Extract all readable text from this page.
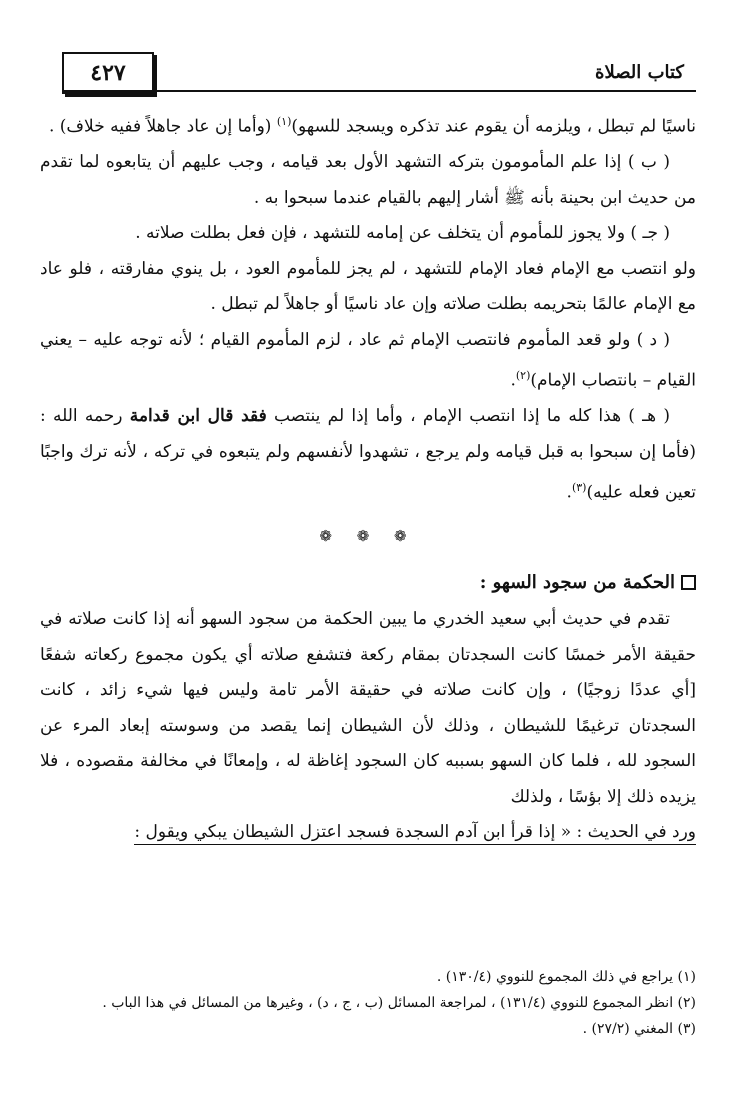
٤٢٧	كتاب الصلاة

ناسيًا لم تبطل ، ويلزمه أن يقوم عند تذكره ويسجد للسهو)$^{(١)}$ (وأما إن عاد جاهلاً ففيه خلاف) .

( ب ) إذا علم المأمومون بتركه التشهد الأول بعد قيامه ، وجب عليهم أن يتابعوه لما تقدم من حديث ابن بحينة بأنه ﷺ أشار إليهم بالقيام عندما سبحوا به .

( جـ ) ولا يجوز للمأموم أن يتخلف عن إمامه للتشهد ، فإن فعل بطلت صلاته .

ولو انتصب مع الإمام فعاد الإمام للتشهد ، لم يجز للمأموم العود ، بل ينوي مفارقته ، فلو عاد مع الإمام عالمًا بتحريمه بطلت صلاته وإن عاد ناسيًا أو جاهلاً لم تبطل .

( د ) ولو قعد المأموم فانتصب الإمام ثم عاد ، لزم المأموم القيام ؛ لأنه توجه عليه – يعني القيام – بانتصاب الإمام)$^{(٢)}$.

( هـ ) هذا كله ما إذا انتصب الإمام ، وأما إذا لم ينتصب فقد قال ابن قدامة رحمه الله : (فأما إن سبحوا به قبل قيامه ولم يرجع ، تشهدوا لأنفسهم ولم يتبعوه في تركه ، لأنه ترك واجبًا تعين فعله عليه)$^{(٣)}$.

❁ ❁ ❁
الحكمة من سجود السهو :

تقدم في حديث أبي سعيد الخدري ما يبين الحكمة من سجود السهو أنه إذا كانت صلاته في حقيقة الأمر خمسًا كانت السجدتان بمقام ركعة فتشفع صلاته أي يكون مجموع ركعاته شفعًا [أي عددًا زوجيًا) ، وإن كانت صلاته في حقيقة الأمر تامة وليس فيها شيء زائد ، كانت السجدتان ترغيمًا للشيطان ، وذلك لأن الشيطان إنما يقصد من وسوسته إبعاد المرء عن السجود لله ، فلما كان السهو بسببه كان السجود إغاظة له ، وإمعانًا في مخالفة مقصوده ، فلا يزيده ذلك إلا بؤسًا ، ولذلك

ورد في الحديث : « إذا قرأ ابن آدم السجدة فسجد اعتزل الشيطان يبكي ويقول :

(١) يراجع في ذلك المجموع للنووي (١٣٠/٤) .

(٢) انظر المجموع للنووي (١٣١/٤) ، لمراجعة المسائل (ب ، ج ، د) ، وغيرها من المسائل في هذا الباب .

(٣) المغني (٢٧/٢) .
